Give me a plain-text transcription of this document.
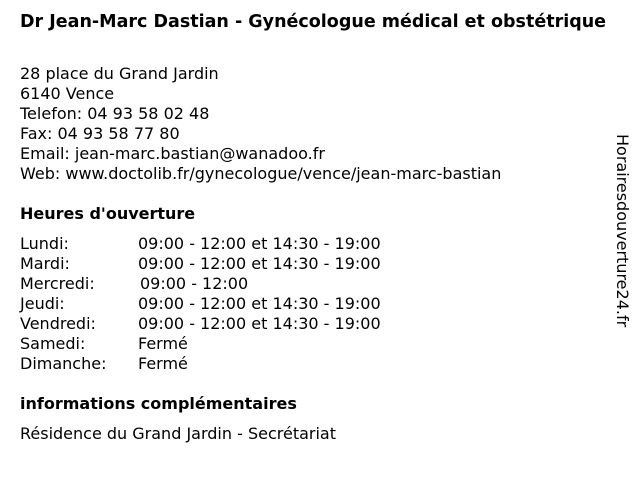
Dr Jean-Marc Dastian - Gynécologue médical et obstétrique
28 place du Grand Jardin
6140 Vence
Telefon: 04 93 58 02 48
Fax: 04 93 58 77 80
Email: jean-marc.bastian@wanadoo.fr
Web: www.doctolib.fr/gynecologue/vence/jean-marc-bastian
Heures d'ouverture
Lundi:	09:00 - 12:00 et 14:30 - 19:00
Mardi:	09:00 - 12:00 et 14:30 - 19:00
Mercredi:	09:00 - 12:00
Jeudi:	09:00 - 12:00 et 14:30 - 19:00
Vendredi:	09:00 - 12:00 et 14:30 - 19:00
Samedi:	Fermé
Dimanche: Fermé
informations complémentaires
Résidence du Grand Jardin - Secrétariat
Horairesdouverture24.fr
